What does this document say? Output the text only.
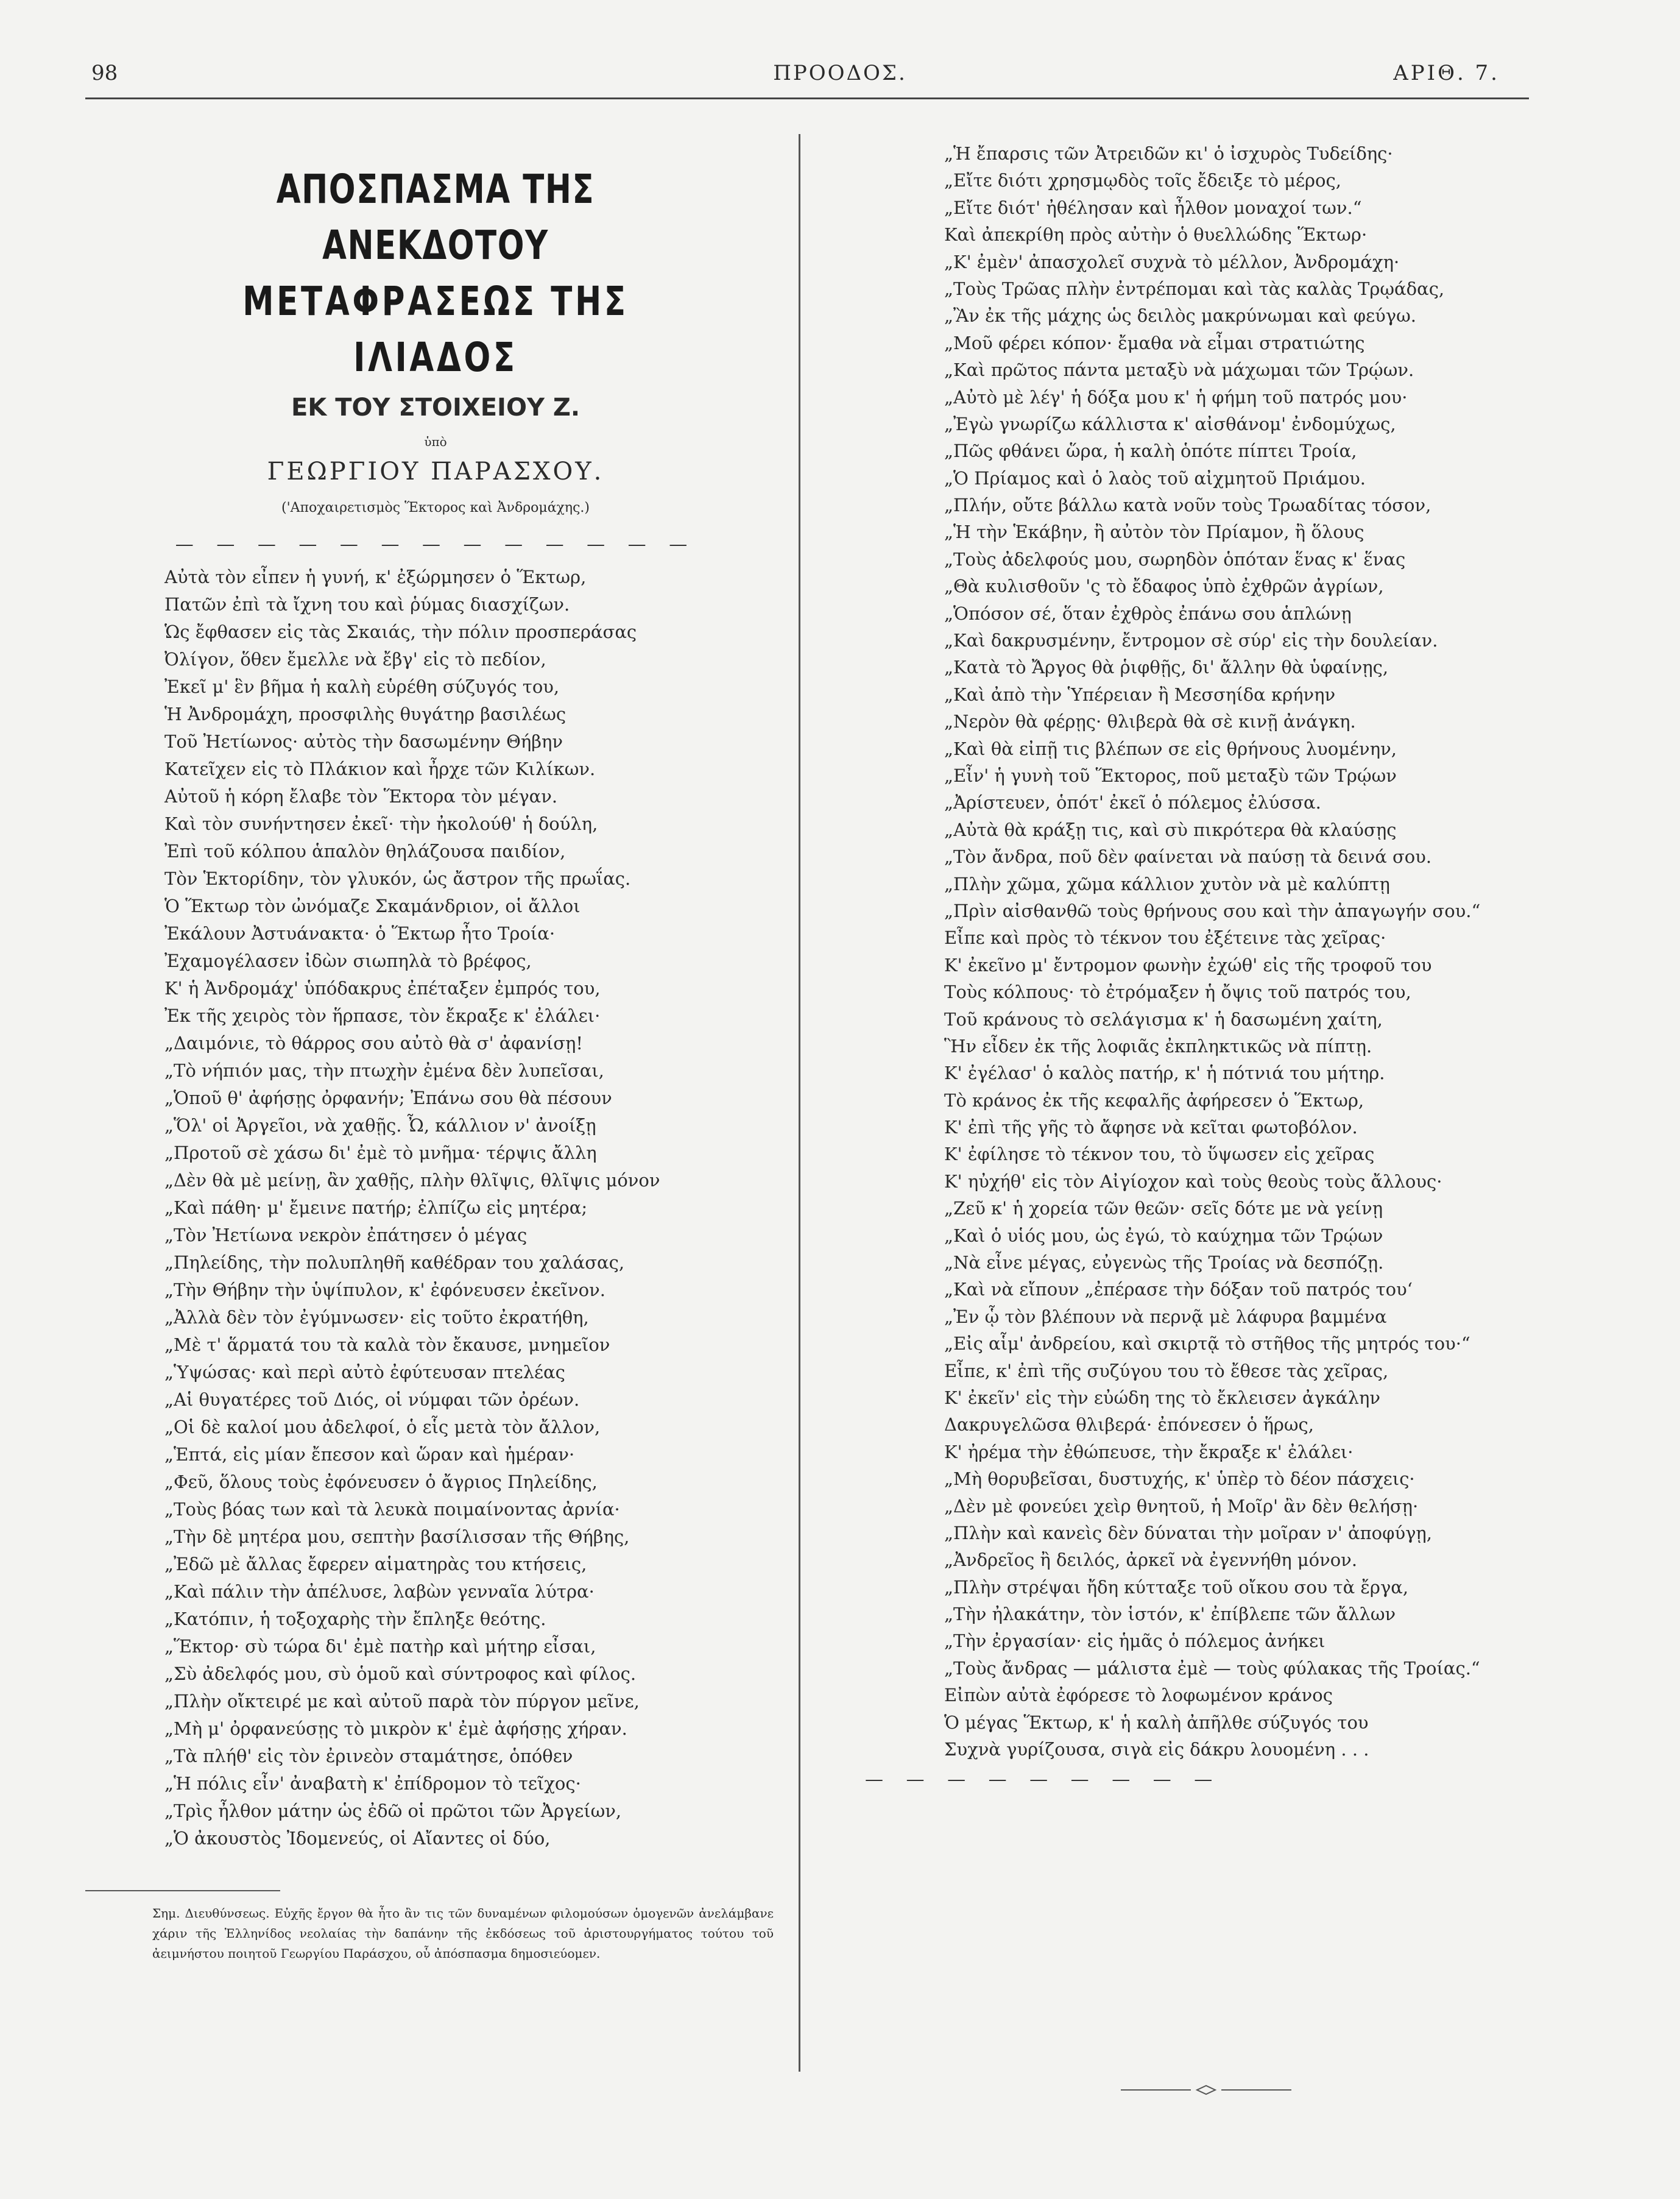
98	ΠΡΟΟΔΟΣ.	ΑΡΙΘ. 7.
ΑΠΟΣΠΑΣΜΑ ΤΗΣ ΑΝΕΚΔΟΤΟΥ
ΜΕΤΑΦΡΑΣΕΩΣ ΤΗΣ ΙΛΙΑΔΟΣ
ΕΚ ΤΟΥ ΣΤΟΙΧΕΙΟΥ Ζ.
ὑπὸ
ΓΕΩΡΓΙΟΥ ΠΑΡΑΣΧΟΥ.
('Αποχαιρετισμὸς Ἕκτορος καὶ Ἀνδρομάχης.)
— — — — — — — — — — — — —
Αὐτὰ τὸν εἶπεν ἡ γυνή, κ' ἐξώρμησεν ὁ Ἕκτωρ,
Πατῶν ἐπὶ τὰ ἴχνη του καὶ ῥύμας διασχίζων.
Ὡς ἔφθασεν εἰς τὰς Σκαιάς, τὴν πόλιν προσπεράσας
Ὀλίγον, ὅθεν ἔμελλε νὰ ἔβγ' εἰς τὸ πεδίον,
Ἐκεῖ μ' ἓν βῆμα ἡ καλὴ εὑρέθη σύζυγός του,
Ἡ Ἀνδρομάχη, προσφιλὴς θυγάτηρ βασιλέως
Τοῦ Ἠετίωνος· αὐτὸς τὴν δασωμένην Θήβην
Κατεῖχεν εἰς τὸ Πλάκιον καὶ ἦρχε τῶν Κιλίκων.
Αὐτοῦ ἡ κόρη ἔλαβε τὸν Ἕκτορα τὸν μέγαν.
Καὶ τὸν συνήντησεν ἐκεῖ· τὴν ἠκολούθ' ἡ δούλη,
Ἐπὶ τοῦ κόλπου ἁπαλὸν θηλάζουσα παιδίον,
Τὸν Ἑκτορίδην, τὸν γλυκόν, ὡς ἄστρον τῆς πρωΐας.
Ὁ Ἕκτωρ τὸν ὠνόμαζε Σκαμάνδριον, οἱ ἄλλοι
Ἐκάλουν Ἀστυάνακτα· ὁ Ἕκτωρ ἦτο Τροία·
Ἐχαμογέλασεν ἰδὼν σιωπηλὰ τὸ βρέφος,
Κ' ἡ Ἀνδρομάχ' ὑπόδακρυς ἐπέταξεν ἐμπρός του,
Ἐκ τῆς χειρὸς τὸν ἥρπασε, τὸν ἔκραξε κ' ἐλάλει·
„Δαιμόνιε, τὸ θάρρος σου αὐτὸ θὰ σ' ἀφανίσῃ!
„Τὸ νήπιόν μας, τὴν πτωχὴν ἐμένα δὲν λυπεῖσαι,
„Ὁποῦ θ' ἀφήσῃς ὀρφανήν; Ἐπάνω σου θὰ πέσουν
„Ὅλ' οἱ Ἀργεῖοι, νὰ χαθῇς. Ὦ, κάλλιον ν' ἀνοίξῃ
„Προτοῦ σὲ χάσω δι' ἐμὲ τὸ μνῆμα· τέρψις ἄλλη
„Δὲν θὰ μὲ μείνῃ, ἂν χαθῇς, πλὴν θλῖψις, θλῖψις μόνον
„Καὶ πάθη· μ' ἔμεινε πατήρ; ἐλπίζω εἰς μητέρα;
„Τὸν Ἠετίωνα νεκρὸν ἐπάτησεν ὁ μέγας
„Πηλείδης, τὴν πολυπληθῆ καθέδραν του χαλάσας,
„Τὴν Θήβην τὴν ὑψίπυλον, κ' ἐφόνευσεν ἐκεῖνον.
„Ἀλλὰ δὲν τὸν ἐγύμνωσεν· εἰς τοῦτο ἐκρατήθη,
„Μὲ τ' ἅρματά του τὰ καλὰ τὸν ἔκαυσε, μνημεῖον
„Ὑψώσας· καὶ περὶ αὐτὸ ἐφύτευσαν πτελέας
„Αἱ θυγατέρες τοῦ Διός, οἱ νύμφαι τῶν ὀρέων.
„Οἱ δὲ καλοί μου ἀδελφοί, ὁ εἷς μετὰ τὸν ἄλλον,
„Ἑπτά, εἰς μίαν ἔπεσον καὶ ὥραν καὶ ἡμέραν·
„Φεῦ, ὅλους τοὺς ἐφόνευσεν ὁ ἄγριος Πηλείδης,
„Τοὺς βόας των καὶ τὰ λευκὰ ποιμαίνοντας ἀρνία·
„Τὴν δὲ μητέρα μου, σεπτὴν βασίλισσαν τῆς Θήβης,
„Ἐδῶ μὲ ἄλλας ἔφερεν αἱματηρὰς του κτήσεις,
„Καὶ πάλιν τὴν ἀπέλυσε, λαβὼν γενναῖα λύτρα·
„Κατόπιν, ἡ τοξοχαρὴς τὴν ἔπληξε θεότης.
„Ἕκτορ· σὺ τώρα δι' ἐμὲ πατὴρ καὶ μήτηρ εἶσαι,
„Σὺ ἀδελφός μου, σὺ ὁμοῦ καὶ σύντροφος καὶ φίλος.
„Πλὴν οἴκτειρέ με καὶ αὐτοῦ παρὰ τὸν πύργον μεῖνε,
„Μὴ μ' ὀρφανεύσῃς τὸ μικρὸν κ' ἐμὲ ἀφήσῃς χήραν.
„Τὰ πλήθ' εἰς τὸν ἐρινεὸν σταμάτησε, ὁπόθεν
„Ἡ πόλις εἶν' ἀναβατὴ κ' ἐπίδρομον τὸ τεῖχος·
„Τρὶς ἦλθον μάτην ὡς ἐδῶ οἱ πρῶτοι τῶν Ἀργείων,
„Ὁ ἀκουστὸς Ἰδομενεύς, οἱ Αἴαντες οἱ δύο,

Σημ. Διευθύνσεως. Εὐχῆς ἔργον θὰ ἦτο ἂν τις τῶν δυναμένων φιλομούσων ὁμογενῶν ἀνελάμβανε χάριν τῆς Ἑλληνίδος νεολαίας τὴν δαπάνην τῆς ἐκδόσεως τοῦ ἀριστουργήματος τούτου τοῦ ἀειμνήστου ποιητοῦ Γεωργίου Παράσχου, οὗ ἀπόσπασμα δημοσιεύομεν.

„Ἡ ἔπαρσις τῶν Ἀτρειδῶν κι' ὁ ἰσχυρὸς Τυδείδης·
„Εἴτε διότι χρησμῳδὸς τοῖς ἔδειξε τὸ μέρος,
„Εἴτε διότ' ἠθέλησαν καὶ ἦλθον μοναχοί των.“
Καὶ ἀπεκρίθη πρὸς αὐτὴν ὁ θυελλώδης Ἕκτωρ·
„Κ' ἐμὲν' ἀπασχολεῖ συχνὰ τὸ μέλλον, Ἀνδρομάχη·
„Τοὺς Τρῶας πλὴν ἐντρέπομαι καὶ τὰς καλὰς Τρῳάδας,
„Ἂν ἐκ τῆς μάχης ὡς δειλὸς μακρύνωμαι καὶ φεύγω.
„Μοῦ φέρει κόπον· ἔμαθα νὰ εἶμαι στρατιώτης
„Καὶ πρῶτος πάντα μεταξὺ νὰ μάχωμαι τῶν Τρῴων.
„Αὐτὸ μὲ λέγ' ἡ δόξα μου κ' ἡ φήμη τοῦ πατρός μου·
„Ἐγὼ γνωρίζω κάλλιστα κ' αἰσθάνομ' ἐνδομύχως,
„Πῶς φθάνει ὥρα, ἡ καλὴ ὁπότε πίπτει Τροία,
„Ὁ Πρίαμος καὶ ὁ λαὸς τοῦ αἰχμητοῦ Πριάμου.
„Πλήν, οὔτε βάλλω κατὰ νοῦν τοὺς Τρωαδίτας τόσον,
„Ἡ τὴν Ἑκάβην, ἢ αὐτὸν τὸν Πρίαμον, ἢ ὅλους
„Τοὺς ἀδελφούς μου, σωρηδὸν ὁπόταν ἕνας κ' ἕνας
„Θὰ κυλισθοῦν 'ς τὸ ἔδαφος ὑπὸ ἐχθρῶν ἀγρίων,
„Ὁπόσον σέ, ὅταν ἐχθρὸς ἐπάνω σου ἁπλώνῃ
„Καὶ δακρυσμένην, ἔντρομον σὲ σύρ' εἰς τὴν δουλείαν.
„Κατὰ τὸ Ἄργος θὰ ῥιφθῇς, δι' ἄλλην θὰ ὑφαίνῃς,
„Καὶ ἀπὸ τὴν Ὑπέρειαν ἢ Μεσσηίδα κρήνην
„Νερὸν θὰ φέρῃς· θλιβερὰ θὰ σὲ κινῇ ἀνάγκη.
„Καὶ θὰ εἰπῇ τις βλέπων σε εἰς θρήνους λυομένην,
„Εἶν' ἡ γυνὴ τοῦ Ἕκτορος, ποῦ μεταξὺ τῶν Τρῴων
„Ἀρίστευεν, ὁπότ' ἐκεῖ ὁ πόλεμος ἐλύσσα.
„Αὐτὰ θὰ κράξῃ τις, καὶ σὺ πικρότερα θὰ κλαύσῃς
„Τὸν ἄνδρα, ποῦ δὲν φαίνεται νὰ παύσῃ τὰ δεινά σου.
„Πλὴν χῶμα, χῶμα κάλλιον χυτὸν νὰ μὲ καλύπτῃ
„Πρὶν αἰσθανθῶ τοὺς θρήνους σου καὶ τὴν ἀπαγωγήν σου.“
Εἶπε καὶ πρὸς τὸ τέκνον του ἐξέτεινε τὰς χεῖρας·
Κ' ἐκεῖνο μ' ἔντρομον φωνὴν ἐχώθ' εἰς τῆς τροφοῦ του
Τοὺς κόλπους· τὸ ἐτρόμαξεν ἡ ὄψις τοῦ πατρός του,
Τοῦ κράνους τὸ σελάγισμα κ' ἡ δασωμένη χαίτη,
Ἣν εἶδεν ἐκ τῆς λοφιᾶς ἐκπληκτικῶς νὰ πίπτῃ.
Κ' ἐγέλασ' ὁ καλὸς πατήρ, κ' ἡ πότνιά του μήτηρ.
Τὸ κράνος ἐκ τῆς κεφαλῆς ἀφήρεσεν ὁ Ἕκτωρ,
Κ' ἐπὶ τῆς γῆς τὸ ἄφησε νὰ κεῖται φωτοβόλον.
Κ' ἐφίλησε τὸ τέκνον του, τὸ ὕψωσεν εἰς χεῖρας
Κ' ηὐχήθ' εἰς τὸν Αἰγίοχον καὶ τοὺς θεοὺς τοὺς ἄλλους·
„Ζεῦ κ' ἡ χορεία τῶν θεῶν· σεῖς δότε με νὰ γείνῃ
„Καὶ ὁ υἱός μου, ὡς ἐγώ, τὸ καύχημα τῶν Τρῴων
„Νὰ εἶνε μέγας, εὐγενὼς τῆς Τροίας νὰ δεσπόζῃ.
„Καὶ νὰ εἴπουν „ἐπέρασε τὴν δόξαν τοῦ πατρός του‘
„Ἐν ᾧ τὸν βλέπουν νὰ περνᾷ μὲ λάφυρα βαμμένα
„Εἰς αἷμ' ἀνδρείου, καὶ σκιρτᾷ τὸ στῆθος τῆς μητρός του·“
Εἶπε, κ' ἐπὶ τῆς συζύγου του τὸ ἔθεσε τὰς χεῖρας,
Κ' ἐκεῖν' εἰς τὴν εὐώδη της τὸ ἔκλεισεν ἀγκάλην
Δακρυγελῶσα θλιβερά· ἐπόνεσεν ὁ ἥρως,
Κ' ἠρέμα τὴν ἐθώπευσε, τὴν ἔκραξε κ' ἐλάλει·
„Μὴ θορυβεῖσαι, δυστυχής, κ' ὑπὲρ τὸ δέον πάσχεις·
„Δὲν μὲ φονεύει χεὶρ θνητοῦ, ἡ Μοῖρ' ἂν δὲν θελήσῃ·
„Πλὴν καὶ κανεὶς δὲν δύναται τὴν μοῖραν ν' ἀποφύγῃ,
„Ἀνδρεῖος ἢ δειλός, ἀρκεῖ νὰ ἐγεννήθη μόνον.
„Πλὴν στρέψαι ἤδη κύτταξε τοῦ οἴκου σου τὰ ἔργα,
„Τὴν ἠλακάτην, τὸν ἱστόν, κ' ἐπίβλεπε τῶν ἄλλων
„Τὴν ἐργασίαν· εἰς ἡμᾶς ὁ πόλεμος ἀνήκει
„Τοὺς ἄνδρας — μάλιστα ἐμὲ — τοὺς φύλακας τῆς Τροίας.“
Εἰπὼν αὐτὰ ἐφόρεσε τὸ λοφωμένον κράνος
Ὁ μέγας Ἕκτωρ, κ' ἡ καλὴ ἀπῆλθε σύζυγός του
Συχνὰ γυρίζουσα, σιγὰ εἰς δάκρυ λουομένη . . .
— — — — — — — — —
